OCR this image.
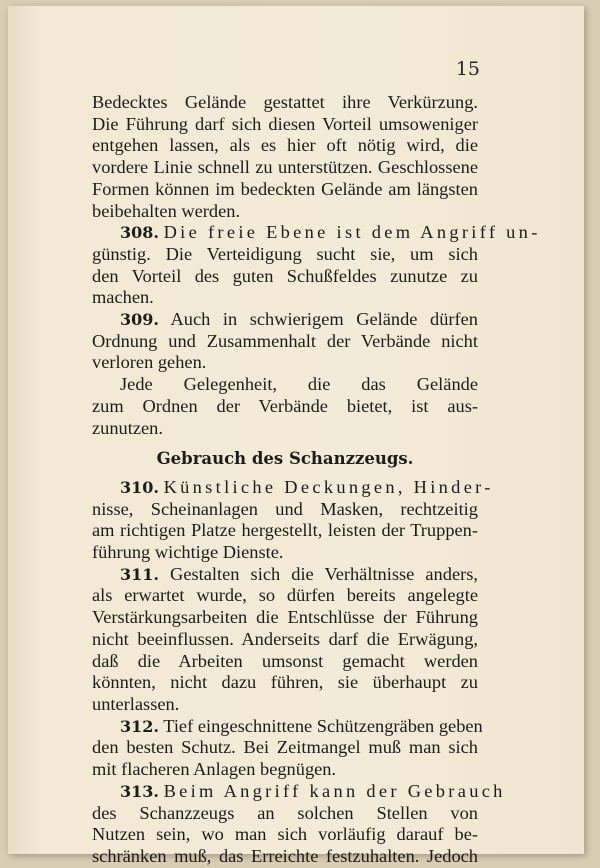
15
Bedecktes Gelände gestattet ihre Verkürzung.
Die Führung darf sich diesen Vorteil umsoweniger
entgehen lassen, als es hier oft nötig wird, die
vordere Linie schnell zu unterstützen. Geschlossene
Formen können im bedeckten Gelände am längsten
beibehalten werden.
308. Die freie Ebene ist dem Angriff un-
günstig. Die Verteidigung sucht sie, um sich
den Vorteil des guten Schußfeldes zunutze zu
machen.
309. Auch in schwierigem Gelände dürfen
Ordnung und Zusammenhalt der Verbände nicht
verloren gehen.
Jede Gelegenheit, die das Gelände
zum Ordnen der Verbände bietet, ist aus-
zunutzen.
Gebrauch des Schanzzeugs.
310. Künstliche Deckungen, Hinder-
nisse, Scheinanlagen und Masken, rechtzeitig
am richtigen Platze hergestellt, leisten der Truppen-
führung wichtige Dienste.
311. Gestalten sich die Verhältnisse anders,
als erwartet wurde, so dürfen bereits angelegte
Verstärkungsarbeiten die Entschlüsse der Führung
nicht beeinflussen. Anderseits darf die Erwägung,
daß die Arbeiten umsonst gemacht werden
könnten, nicht dazu führen, sie überhaupt zu
unterlassen.
312. Tief eingeschnittene Schützengräben geben
den besten Schutz. Bei Zeitmangel muß man sich
mit flacheren Anlagen begnügen.
313. Beim Angriff kann der Gebrauch
des Schanzzeugs an solchen Stellen von
Nutzen sein, wo man sich vorläufig darauf be-
schränken muß, das Erreichte festzuhalten. Jedoch
